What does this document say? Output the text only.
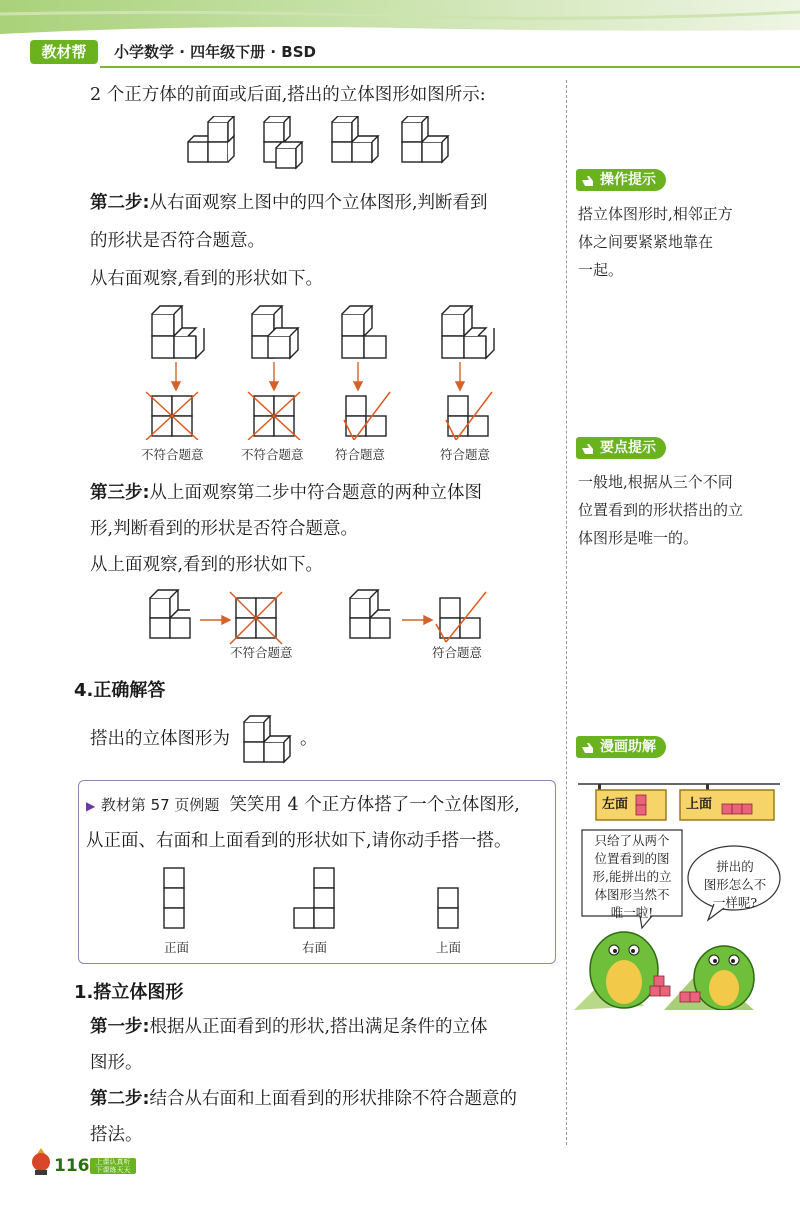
教材帮	小学数学 · 四年级下册 · BSD
2 个正方体的前面或后面,搭出的立体图形如图所示:
第二步:从右面观察上图中的四个立体图形,判断看到
的形状是否符合题意。
从右面观察,看到的形状如下。
不符合题意	不符合题意	符合题意	符合题意
第三步:从上面观察第二步中符合题意的两种立体图
形,判断看到的形状是否符合题意。
从上面观察,看到的形状如下。
不符合题意	符合题意
4.正确解答
搭出的立体图形为	。
▶ 教材第 57 页例题 笑笑用 4 个正方体搭了一个立体图形,
从正面、右面和上面看到的形状如下,请你动手搭一搭。
正面	右面	上面
1.搭立体图形
第一步:根据从正面看到的形状,搭出满足条件的立体
图形。
第二步:结合从右面和上面看到的形状排除不符合题意的
搭法。
操作提示
搭立体图形时,相邻正方
体之间要紧紧地靠在
一起。
要点提示
一般地,根据从三个不同
位置看到的形状搭出的立
体图形是唯一的。
漫画助解
左面	上面
只给了从两个
位置看到的图
形,能拼出的立
体图形当然不
唯一啦!
拼出的
图形怎么不
一样呢?
116 上课认真听
下课练天天
